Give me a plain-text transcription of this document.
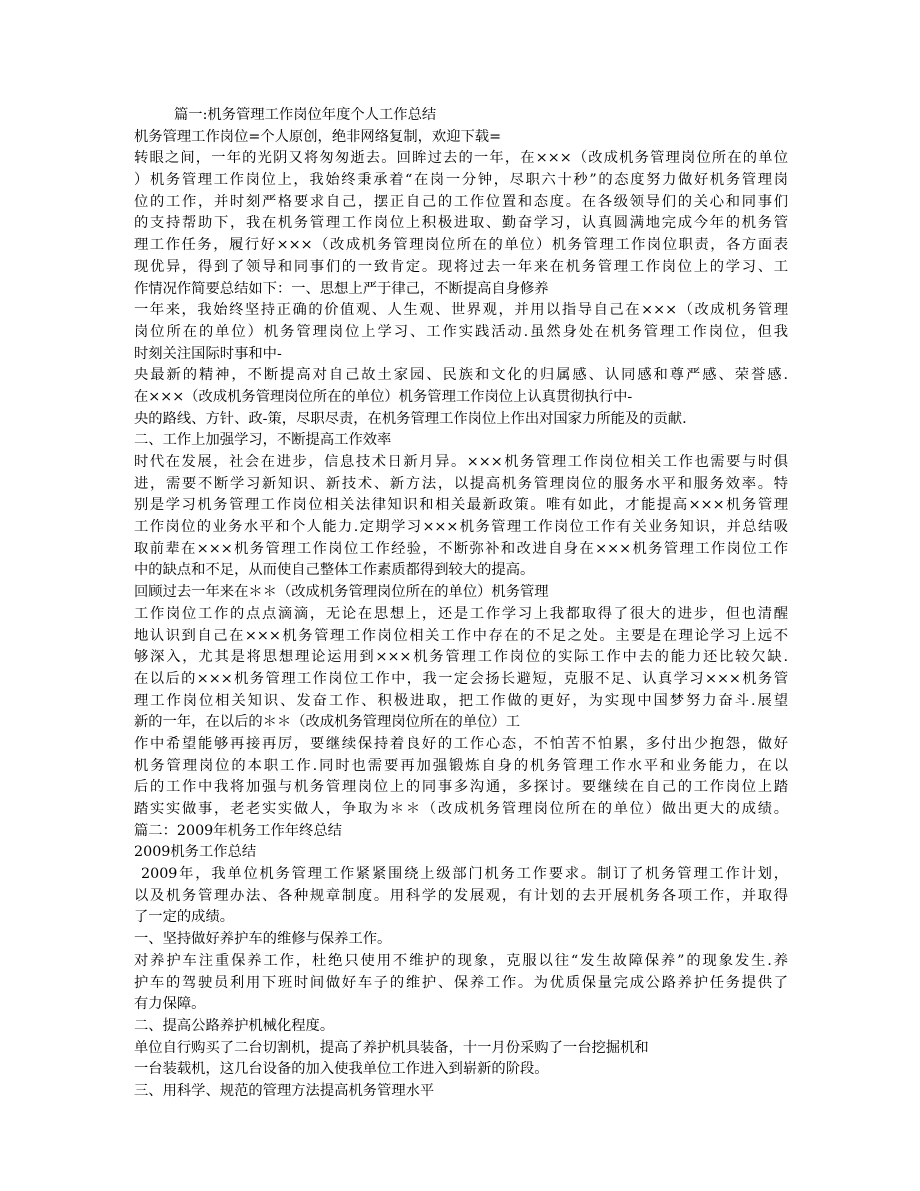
篇一:机务管理工作岗位年度个人工作总结
机务管理工作岗位=个人原创，绝非网络复制，欢迎下载=
转眼之间，一年的光阴又将匆匆逝去。回眸过去的一年，在×××（改成机务管理岗位所在的单位
）机务管理工作岗位上，我始终秉承着“在岗一分钟，尽职六十秒”的态度努力做好机务管理岗
位的工作，并时刻严格要求自己，摆正自己的工作位置和态度。在各级领导们的关心和同事们
的支持帮助下，我在机务管理工作岗位上积极进取、勤奋学习，认真圆满地完成今年的机务管
理工作任务，履行好×××（改成机务管理岗位所在的单位）机务管理工作岗位职责，各方面表
现优异，得到了领导和同事们的一致肯定。现将过去一年来在机务管理工作岗位上的学习、工
作情况作简要总结如下：一、思想上严于律己，不断提高自身修养
一年来，我始终坚持正确的价值观、人生观、世界观，并用以指导自己在×××（改成机务管理
岗位所在的单位）机务管理岗位上学习、工作实践活动.虽然身处在机务管理工作岗位，但我
时刻关注国际时事和中-
央最新的精神，不断提高对自己故土家园、民族和文化的归属感、认同感和尊严感、荣誉感.
在×××（改成机务管理岗位所在的单位）机务管理工作岗位上认真贯彻执行中-
央的路线、方针、政-策，尽职尽责，在机务管理工作岗位上作出对国家力所能及的贡献.
二、工作上加强学习，不断提高工作效率
时代在发展，社会在进步，信息技术日新月异。×××机务管理工作岗位相关工作也需要与时俱
进，需要不断学习新知识、新技术、新方法，以提高机务管理岗位的服务水平和服务效率。特
别是学习机务管理工作岗位相关法律知识和相关最新政策。唯有如此，才能提高×××机务管理
工作岗位的业务水平和个人能力.定期学习×××机务管理工作岗位工作有关业务知识，并总结吸
取前辈在×××机务管理工作岗位工作经验，不断弥补和改进自身在×××机务管理工作岗位工作
中的缺点和不足，从而使自己整体工作素质都得到较大的提高。
回顾过去一年来在＊＊（改成机务管理岗位所在的单位）机务管理
工作岗位工作的点点滴滴，无论在思想上，还是工作学习上我都取得了很大的进步，但也清醒
地认识到自己在×××机务管理工作岗位相关工作中存在的不足之处。主要是在理论学习上远不
够深入，尤其是将思想理论运用到×××机务管理工作岗位的实际工作中去的能力还比较欠缺.
在以后的×××机务管理工作岗位工作中，我一定会扬长避短，克服不足、认真学习×××机务管
理工作岗位相关知识、发奋工作、积极进取，把工作做的更好，为实现中国梦努力奋斗.展望
新的一年，在以后的＊＊（改成机务管理岗位所在的单位）工
作中希望能够再接再厉，要继续保持着良好的工作心态，不怕苦不怕累，多付出少抱怨，做好
机务管理岗位的本职工作.同时也需要再加强锻炼自身的机务管理工作水平和业务能力，在以
后的工作中我将加强与机务管理岗位上的同事多沟通，多探讨。要继续在自己的工作岗位上踏
踏实实做事，老老实实做人，争取为＊＊（改成机务管理岗位所在的单位）做出更大的成绩。
篇二：2009年机务工作年终总结
2009机务工作总结
2009年，我单位机务管理工作紧紧围绕上级部门机务工作要求。制订了机务管理工作计划，
以及机务管理办法、各种规章制度。用科学的发展观，有计划的去开展机务各项工作，并取得
了一定的成绩。
一、坚持做好养护车的维修与保养工作。
对养护车注重保养工作，杜绝只使用不维护的现象，克服以往“发生故障保养”的现象发生.养
护车的驾驶员利用下班时间做好车子的维护、保养工作。为优质保量完成公路养护任务提供了
有力保障。
二、提高公路养护机械化程度。
单位自行购买了二台切割机，提高了养护机具装备，十一月份采购了一台挖掘机和
一台装载机，这几台设备的加入使我单位工作进入到崭新的阶段。
三、用科学、规范的管理方法提高机务管理水平
